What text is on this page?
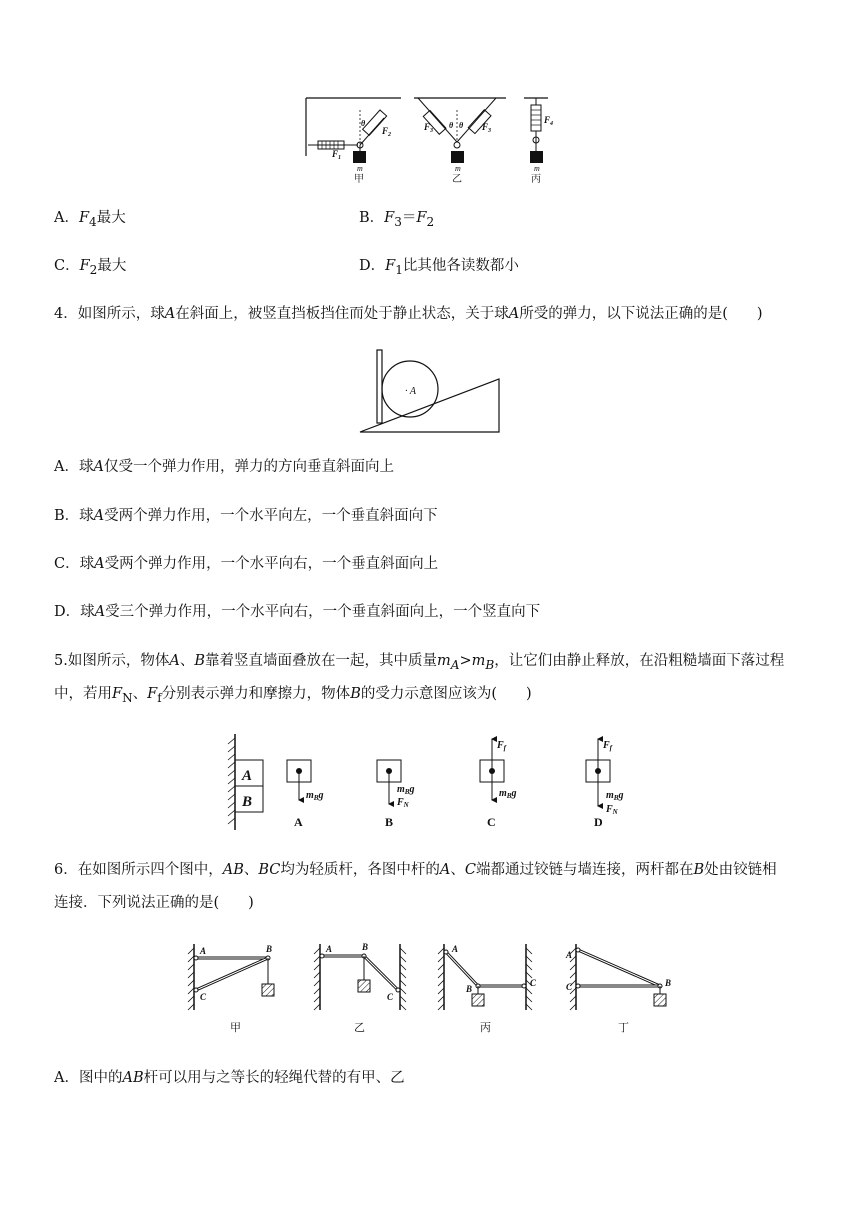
$F_1$
$F_2$
θ
m
甲
$F_3$	$F_3$
θ θ
m
乙
$F_4$
m
丙
A．$F_4$最大	B．$F_3=F_2$
C．$F_2$最大	D．$F_1$比其他各读数都小
4．如图所示，球A在斜面上，被竖直挡板挡住而处于静止状态，关于球A所受的弹力，以下说法正确的是(　　)
· A
A．球A仅受一个弹力作用，弹力的方向垂直斜面向上
B．球A受两个弹力作用，一个水平向左，一个垂直斜面向下
C．球A受两个弹力作用，一个水平向右，一个垂直斜面向上
D．球A受三个弹力作用，一个水平向右，一个垂直斜面向上，一个竖直向下
5.如图所示，物体A、B靠着竖直墙面叠放在一起，其中质量$m_A>m_B$，让它们由静止释放，在沿粗糙墙面下落过程
中，若用$F_N$、$F_f$分别表示弹力和摩擦力，物体B的受力示意图应该为(　　)
A
B	$m_Bg$
A
$m_Bg$
$F_N$
B
$F_f$
$m_Bg$
C
$F_f$
$m_Bg$
$F_N$
D
6．在如图所示四个图中，AB、BC均为轻质杆，各图中杆的A、C端都通过铰链与墙连接，两杆都在B处由铰链相
连接．下列说法正确的是(　　)
A	B
C
甲
A	B
C
乙
A
B
C
丙
A
C	B
丁
A．图中的AB杆可以用与之等长的轻绳代替的有甲、乙
